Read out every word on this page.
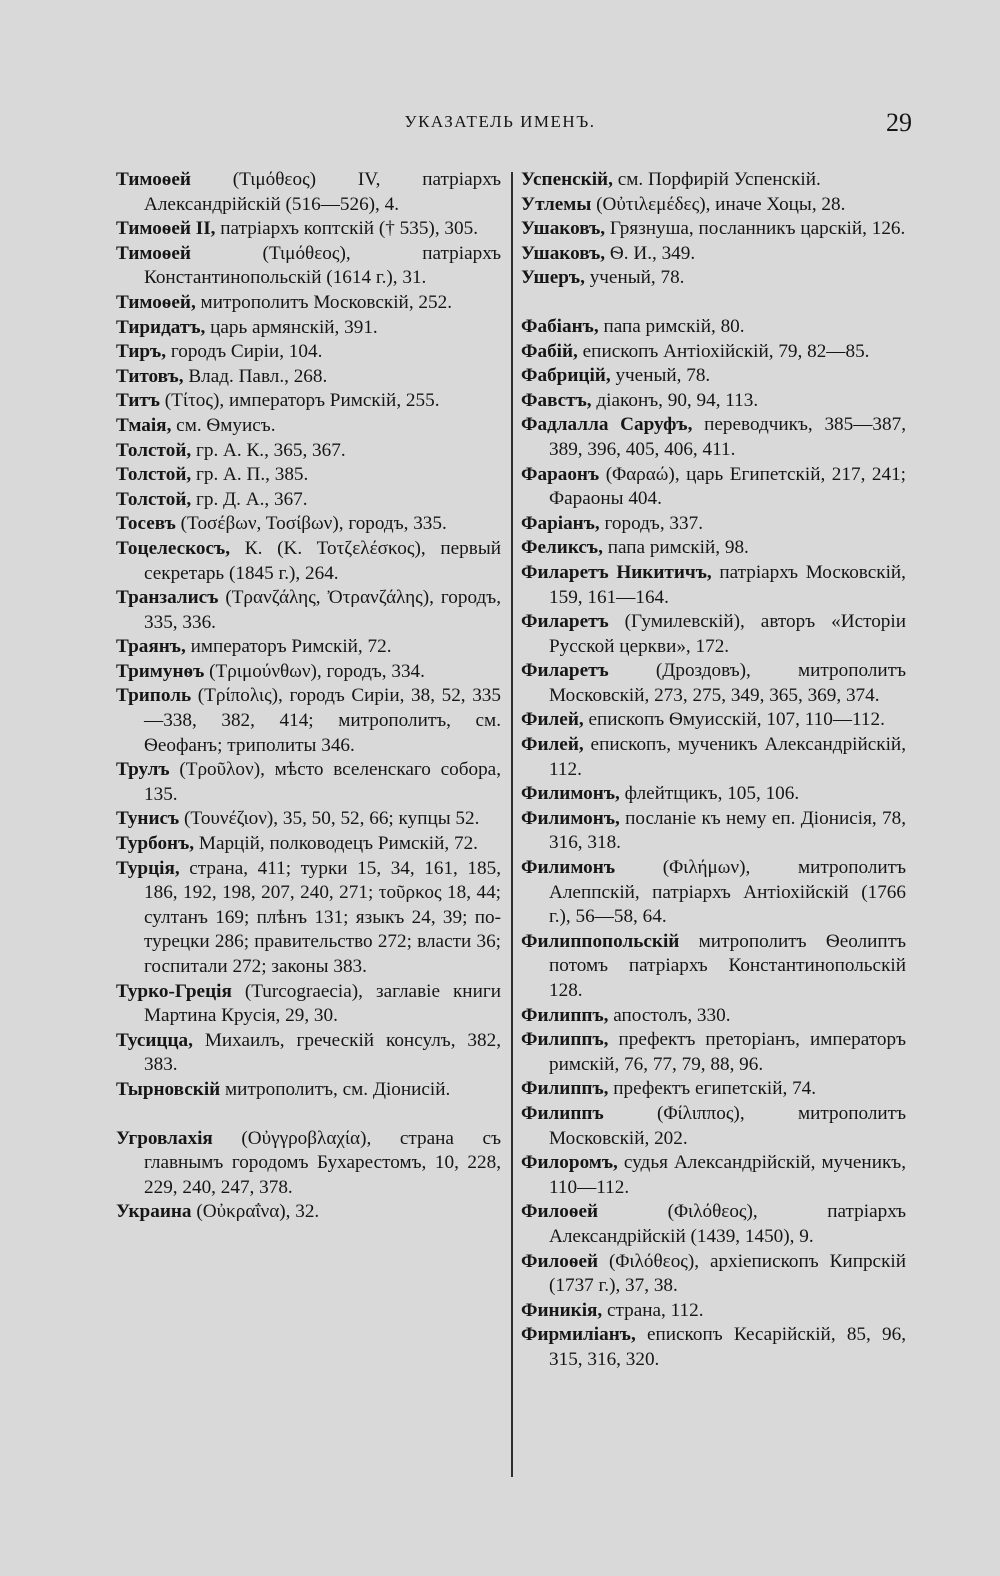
УКАЗАТЕЛЬ ИМЕНЪ.	29

Тимоѳей (Τιμόθεος) IV, патріархъ Александрійскій (516—526), 4.

Тимоѳей II, патріархъ коптскій († 535), 305.

Тимоѳей (Τιμόθεος), патріархъ Константинопольскій (1614 г.), 31.

Тимоѳей, митрополитъ Московскій, 252.

Тиридатъ, царь армянскій, 391.

Тиръ, городъ Сиріи, 104.

Титовъ, Влад. Павл., 268.

Титъ (Τίτος), императоръ Римскій, 255.

Тмаія, см. Ѳмуисъ.

Толстой, гр. А. К., 365, 367.

Толстой, гр. А. П., 385.

Толстой, гр. Д. А., 367.

Тосевъ (Τοσέβων, Τοσίβων), городъ, 335.

Тоцелескосъ, К. (Κ. Τοτζελέσκος), первый секретарь (1845 г.), 264.

Транзалисъ (Τρανζάλης, Ὀτρανζάλης), городъ, 335, 336.

Траянъ, императоръ Римскій, 72.

Тримунѳъ (Τριμούνθων), городъ, 334.

Триполь (Τρίπολις), городъ Сиріи, 38, 52, 335—338, 382, 414; митрополитъ, см. Ѳеофанъ; триполиты 346.

Трулъ (Τροῦλον), мѣсто вселенскаго собора, 135.

Тунисъ (Τουνέζιον), 35, 50, 52, 66; купцы 52.

Турбонъ, Марцій, полководецъ Римскій, 72.

Турція, страна, 411; турки 15, 34, 161, 185, 186, 192, 198, 207, 240, 271; τοῦρκος 18, 44; султанъ 169; плѣнъ 131; языкъ 24, 39; по-турецки 286; правительство 272; власти 36; госпитали 272; законы 383.

Турко-Греція (Turcograecia), заглавіе книги Мартина Крусія, 29, 30.

Тусицца, Михаилъ, греческій консулъ, 382, 383.

Тырновскій митрополитъ, см. Діонисій.

Угровлахія (Οὐγγροβλαχία), страна съ главнымъ городомъ Бухарестомъ, 10, 228, 229, 240, 247, 378.

Украина (Οὐκραΐνα), 32.

Успенскій, см. Порфирій Успенскій.

Утлемы (Οὐτιλεμέδες), иначе Хоцы, 28.

Ушаковъ, Грязнуша, посланникъ царскій, 126.

Ушаковъ, Ѳ. И., 349.

Ушеръ, ученый, 78.

Фабіанъ, папа римскій, 80.

Фабій, епископъ Антіохійскій, 79, 82—85.

Фабрицій, ученый, 78.

Фавстъ, діаконъ, 90, 94, 113.

Фадлалла Саруфъ, переводчикъ, 385—387, 389, 396, 405, 406, 411.

Фараонъ (Φαραώ), царь Египетскій, 217, 241; Фараоны 404.

Фаріанъ, городъ, 337.

Феликсъ, папа римскій, 98.

Филаретъ Никитичъ, патріархъ Московскій, 159, 161—164.

Филаретъ (Гумилевскій), авторъ «Исторіи Русской церкви», 172.

Филаретъ (Дроздовъ), митрополитъ Московскій, 273, 275, 349, 365, 369, 374.

Филей, епископъ Ѳмуисскій, 107, 110—112.

Филей, епископъ, мученикъ Александрійскій, 112.

Филимонъ, флейтщикъ, 105, 106.

Филимонъ, посланіе къ нему еп. Діонисія, 78, 316, 318.

Филимонъ (Φιλήμων), митрополитъ Алеппскій, патріархъ Антіохійскій (1766 г.), 56—58, 64.

Филиппопольскій митрополитъ Ѳеолиптъ потомъ патріархъ Константинопольскій 128.

Филиппъ, апостолъ, 330.

Филиппъ, префектъ преторіанъ, императоръ римскій, 76, 77, 79, 88, 96.

Филиппъ, префектъ египетскій, 74.

Филиппъ (Φίλιππος), митрополитъ Московскій, 202.

Филоромъ, судья Александрійскій, мученикъ, 110—112.

Филоѳей (Φιλόθεος), патріархъ Александрійскій (1439, 1450), 9.

Филоѳей (Φιλόθεος), архіепископъ Кипрскій (1737 г.), 37, 38.

Финикія, страна, 112.

Фирмиліанъ, епископъ Кесарійскій, 85, 96, 315, 316, 320.
